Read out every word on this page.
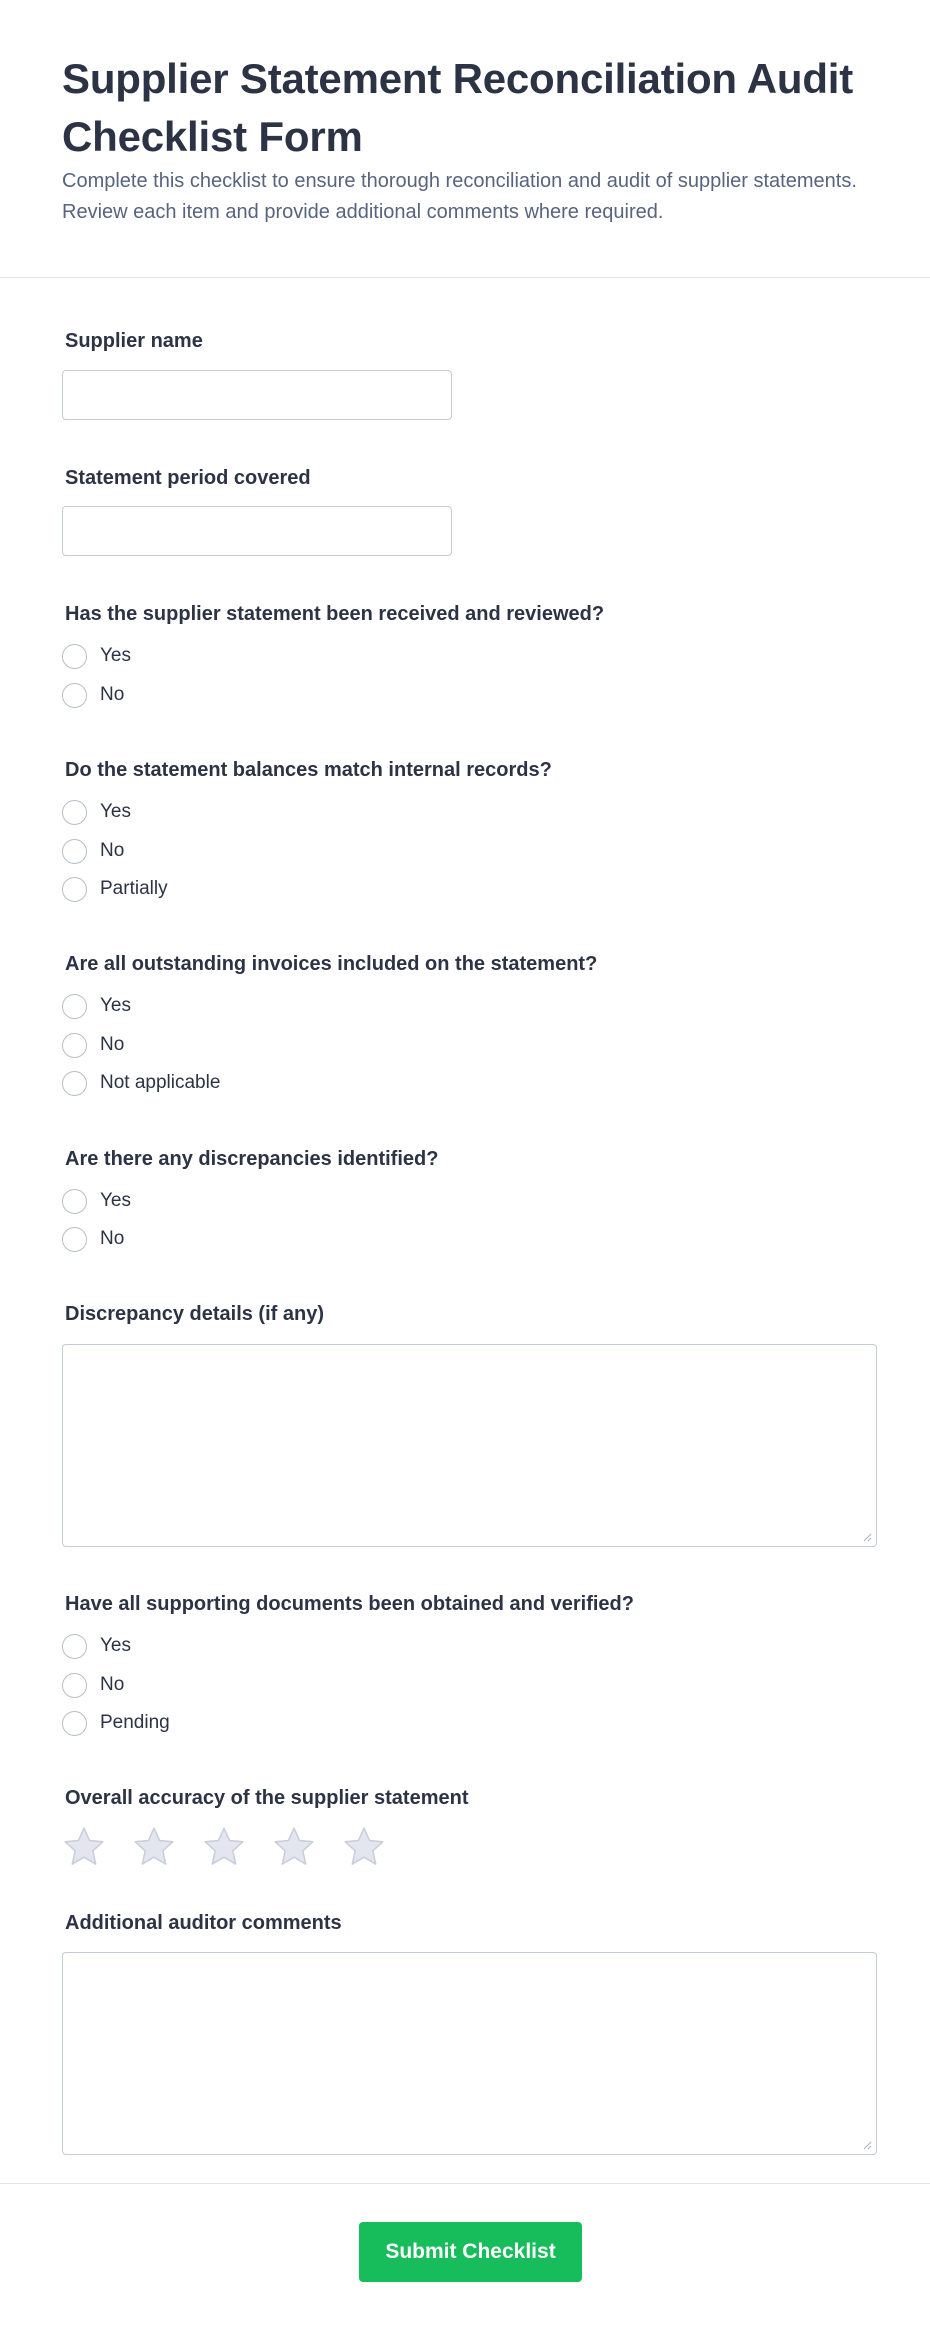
Supplier Statement Reconciliation Audit Checklist Form

Complete this checklist to ensure thorough reconciliation and audit of supplier statements. Review each item and provide additional comments where required.

Supplier name
Statement period covered
Has the supplier statement been received and reviewed?
Yes
No
Do the statement balances match internal records?
Yes
No
Partially
Are all outstanding invoices included on the statement?
Yes
No
Not applicable
Are there any discrepancies identified?
Yes
No
Discrepancy details (if any)
Have all supporting documents been obtained and verified?
Yes
No
Pending
Overall accuracy of the supplier statement
Additional auditor comments
Submit Checklist
